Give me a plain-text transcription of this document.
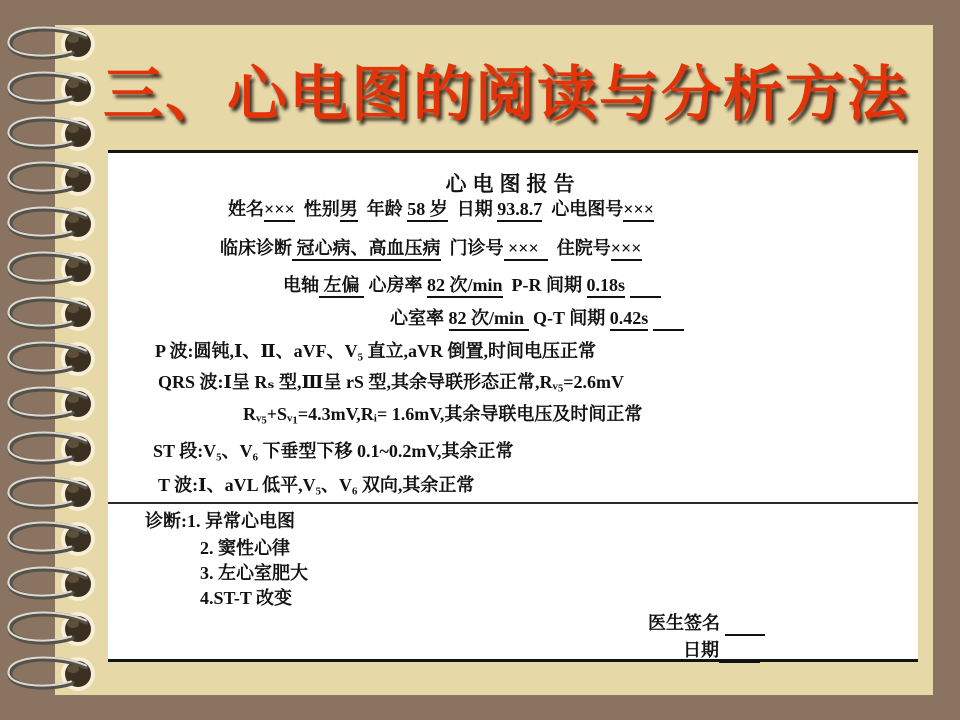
三、心电图的阅读与分析方法
心电图报告
姓名×××  性别男  年龄 58 岁  日期 93.8.7  心电图号×××
临床诊断 冠心病、高血压病  门诊号 ×××    住院号×××
电轴 左偏  心房率 82 次/min  P-R 间期 0.18s
心室率 82 次/min  Q-T 间期 0.42s
P 波:圆钝,Ⅰ、Ⅱ、aVF、V₅ 直立,aVR 倒置,时间电压正常
QRS 波:Ⅰ呈 Rₛ 型,Ⅲ呈 rS 型,其余导联形态正常,Rᵥ₅=2.6mV
Rᵥ₅+Sᵥ₁=4.3mV,Rᵢ= 1.6mV,其余导联电压及时间正常
ST 段:V₅、V₆ 下垂型下移 0.1~0.2mV,其余正常
T 波:Ⅰ、aVL 低平,V₅、V₆ 双向,其余正常
诊断:1. 异常心电图
2. 窦性心律
3. 左心室肥大
4.ST-T 改变
医生签名
日期
